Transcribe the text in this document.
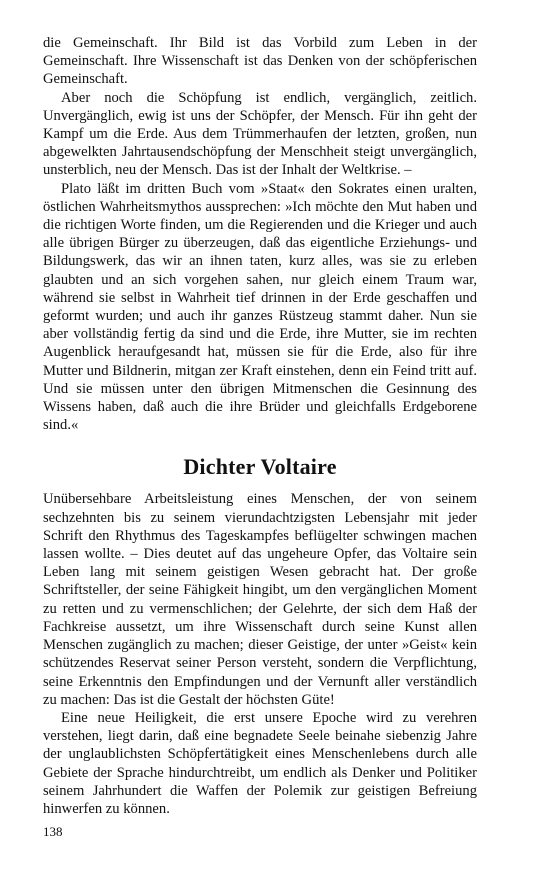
die Gemeinschaft. Ihr Bild ist das Vorbild zum Leben in der Gemeinschaft. Ihre Wissenschaft ist das Denken von der schöpferischen Gemeinschaft.

Aber noch die Schöpfung ist endlich, vergänglich, zeitlich. Unvergänglich, ewig ist uns der Schöpfer, der Mensch. Für ihn geht der Kampf um die Erde. Aus dem Trümmerhaufen der letzten, großen, nun abgewelkten Jahrtausendschöpfung der Menschheit steigt unvergänglich, unsterblich, neu der Mensch. Das ist der Inhalt der Weltkrise. –

Plato läßt im dritten Buch vom »Staat« den Sokrates einen uralten, östlichen Wahrheitsmythos aussprechen: »Ich möchte den Mut haben und die richtigen Worte finden, um die Regierenden und die Krieger und auch alle übrigen Bürger zu überzeugen, daß das eigentliche Erziehungs- und Bildungswerk, das wir an ihnen taten, kurz alles, was sie zu erleben glaubten und an sich vorgehen sahen, nur gleich einem Traum war, während sie selbst in Wahrheit tief drinnen in der Erde geschaffen und geformt wurden; und auch ihr ganzes Rüstzeug stammt daher. Nun sie aber vollständig fertig da sind und die Erde, ihre Mutter, sie im rechten Augenblick heraufgesandt hat, müssen sie für die Erde, also für ihre Mutter und Bildnerin, mitgan zer Kraft einstehen, denn ein Feind tritt auf. Und sie müssen unter den übrigen Mitmenschen die Gesinnung des Wissens haben, daß auch die ihre Brüder und gleichfalls Erdgeborene sind.«

Dichter Voltaire

Unübersehbare Arbeitsleistung eines Menschen, der von seinem sechzehnten bis zu seinem vierundachtzigsten Lebensjahr mit jeder Schrift den Rhythmus des Tageskampfes beflügelter schwingen machen lassen wollte. – Dies deutet auf das ungeheure Opfer, das Voltaire sein Leben lang mit seinem geistigen Wesen gebracht hat. Der große Schriftsteller, der seine Fähigkeit hingibt, um den vergänglichen Moment zu retten und zu vermenschlichen; der Gelehrte, der sich dem Haß der Fachkreise aussetzt, um ihre Wissenschaft durch seine Kunst allen Menschen zugänglich zu machen; dieser Geistige, der unter »Geist« kein schützendes Reservat seiner Person versteht, sondern die Verpflichtung, seine Erkenntnis den Empfindungen und der Vernunft aller verständlich zu machen: Das ist die Gestalt der höchsten Güte!

Eine neue Heiligkeit, die erst unsere Epoche wird zu verehren verstehen, liegt darin, daß eine begnadete Seele beinahe siebenzig Jahre der unglaublichsten Schöpfertätigkeit eines Menschenlebens durch alle Gebiete der Sprache hindurchtreibt, um endlich als Denker und Politiker seinem Jahrhundert die Waffen der Polemik zur geistigen Befreiung hinwerfen zu können.

138
